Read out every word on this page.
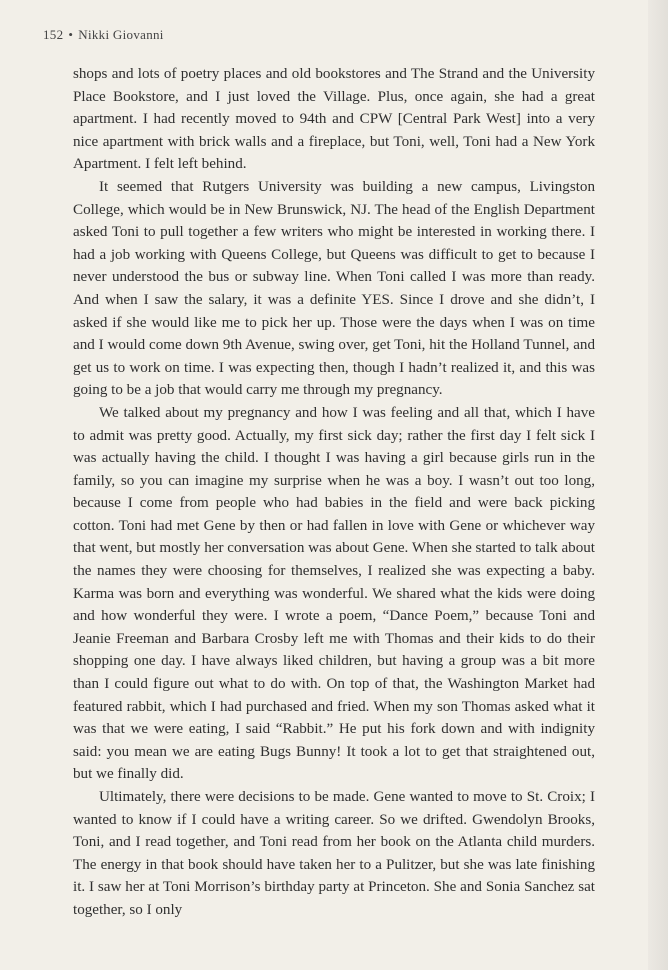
152 • Nikki Giovanni

shops and lots of poetry places and old bookstores and The Strand and the University Place Bookstore, and I just loved the Village. Plus, once again, she had a great apartment. I had recently moved to 94th and CPW [Central Park West] into a very nice apartment with brick walls and a fireplace, but Toni, well, Toni had a New York Apartment. I felt left behind.

It seemed that Rutgers University was building a new campus, Livingston College, which would be in New Brunswick, NJ. The head of the English Department asked Toni to pull together a few writers who might be interested in working there. I had a job working with Queens College, but Queens was difficult to get to because I never understood the bus or subway line. When Toni called I was more than ready. And when I saw the salary, it was a definite YES. Since I drove and she didn’t, I asked if she would like me to pick her up. Those were the days when I was on time and I would come down 9th Avenue, swing over, get Toni, hit the Holland Tunnel, and get us to work on time. I was expecting then, though I hadn’t realized it, and this was going to be a job that would carry me through my pregnancy.

We talked about my pregnancy and how I was feeling and all that, which I have to admit was pretty good. Actually, my first sick day; rather the first day I felt sick I was actually having the child. I thought I was having a girl because girls run in the family, so you can imagine my surprise when he was a boy. I wasn’t out too long, because I come from people who had babies in the field and were back picking cotton. Toni had met Gene by then or had fallen in love with Gene or whichever way that went, but mostly her conversation was about Gene. When she started to talk about the names they were choosing for themselves, I realized she was expecting a baby. Karma was born and everything was wonderful. We shared what the kids were doing and how wonderful they were. I wrote a poem, “Dance Poem,” because Toni and Jeanie Freeman and Barbara Crosby left me with Thomas and their kids to do their shopping one day. I have always liked children, but having a group was a bit more than I could figure out what to do with. On top of that, the Washington Market had featured rabbit, which I had purchased and fried. When my son Thomas asked what it was that we were eating, I said “Rabbit.” He put his fork down and with indignity said: you mean we are eating Bugs Bunny! It took a lot to get that straightened out, but we finally did.

Ultimately, there were decisions to be made. Gene wanted to move to St. Croix; I wanted to know if I could have a writing career. So we drifted. Gwendolyn Brooks, Toni, and I read together, and Toni read from her book on the Atlanta child murders. The energy in that book should have taken her to a Pulitzer, but she was late finishing it. I saw her at Toni Morrison’s birthday party at Princeton. She and Sonia Sanchez sat together, so I only
